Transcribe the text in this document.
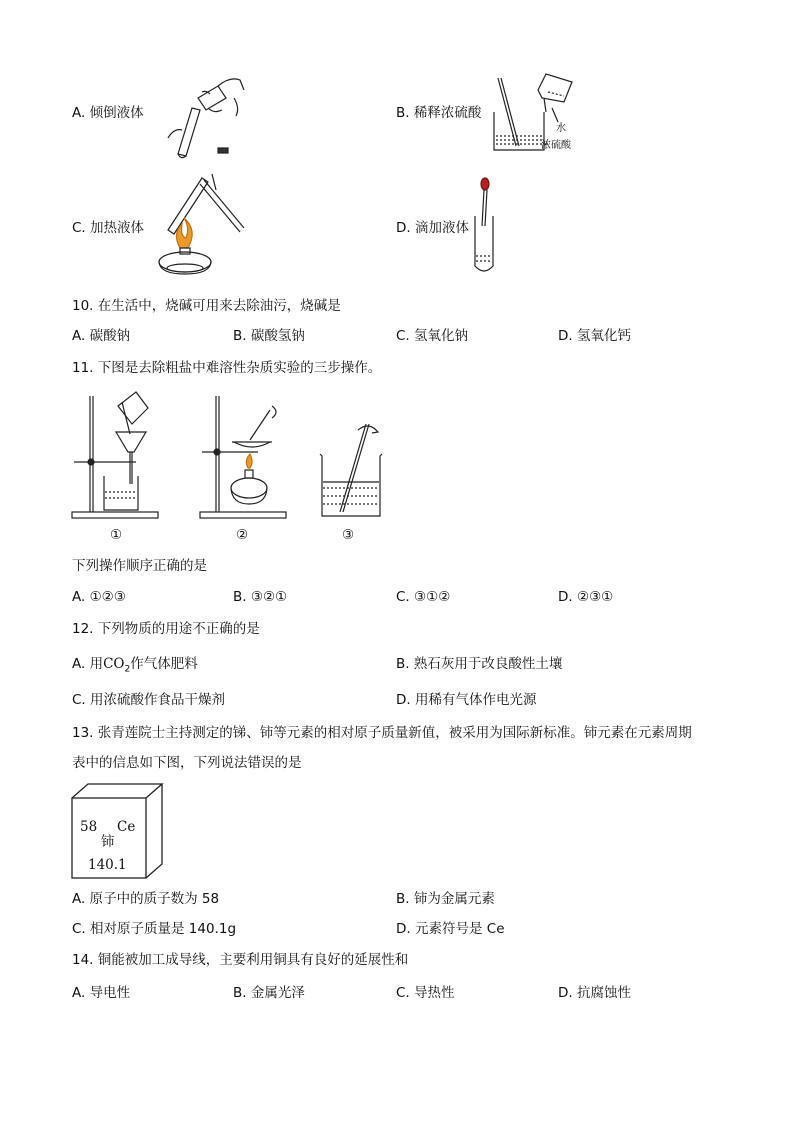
A. 倾倒液体	B. 稀释浓硫酸
水
浓硫酸
C. 加热液体	D. 滴加液体
10. 在生活中，烧碱可用来去除油污，烧碱是
A. 碳酸钠	B. 碳酸氢钠	C. 氢氧化钠	D. 氢氧化钙
11. 下图是去除粗盐中难溶性杂质实验的三步操作。
①	②	③
下列操作顺序正确的是
A. ①②③	B. ③②①	C. ③①②	D. ②③①
12. 下列物质的用途不正确的是
A. 用$CO_2$作气体肥料	B. 熟石灰用于改良酸性土壤
C. 用浓硫酸作食品干燥剂	D. 用稀有气体作电光源
13. 张青莲院士主持测定的锑、铈等元素的相对原子质量新值，被采用为国际新标准。铈元素在元素周期
表中的信息如下图，下列说法错误的是
58 Ce
铈
140.1
A. 原子中的质子数为 58	B. 铈为金属元素
C. 相对原子质量是 140.1g	D. 元素符号是 Ce
14. 铜能被加工成导线，主要利用铜具有良好的延展性和
A. 导电性	B. 金属光泽	C. 导热性	D. 抗腐蚀性
